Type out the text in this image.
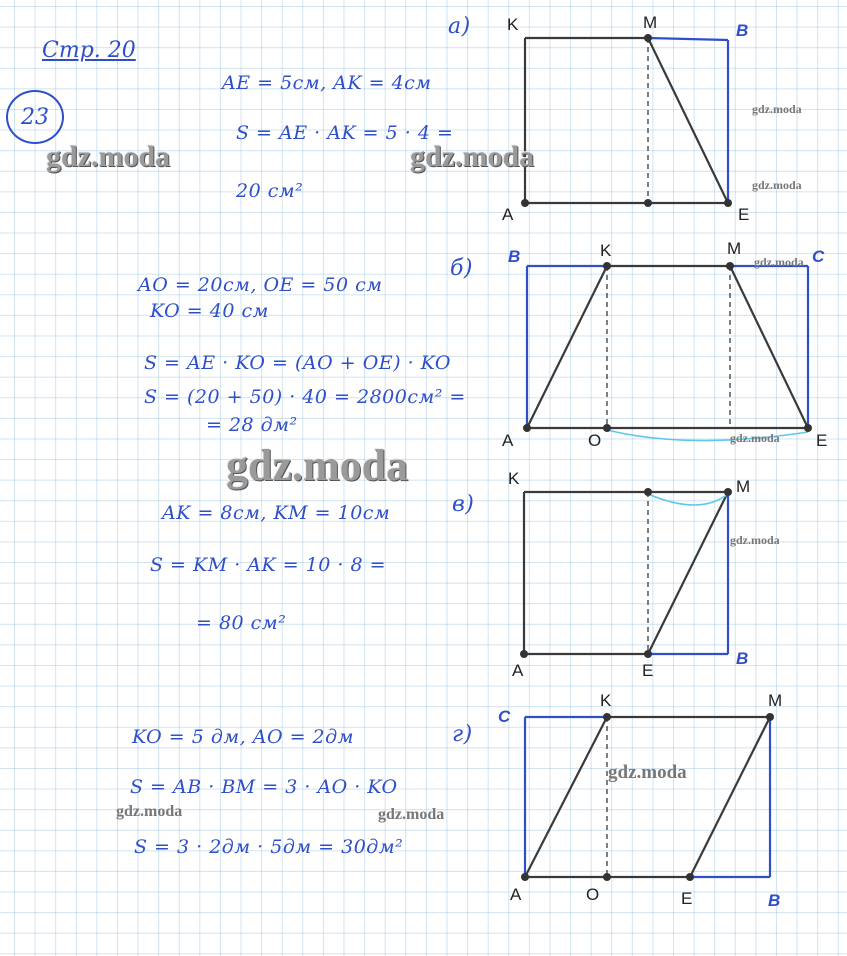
Стр. 20
23
AE = 5см, AK = 4см
S = AE · AK = 5 · 4 =
20 см²
AO = 20см, OE = 50 см
KO = 40 см
S = AE · KO = (AO + OE) · KO
S = (20 + 50) · 40 = 2800см² =
= 28 дм²
AK = 8см, KM = 10см
S = KM · AK = 10 · 8 =
= 80 см²
KO = 5 дм, AO = 2дм
S = AB · BM = 3 · AO · KO
S = 3 · 2дм · 5дм = 30дм²
а)
б)
в)
г)
K	M	B
A	E
B	K	M	C
A	O	E
K	M
A	E
B
C
K	M
A	O	E	B
gdz.moda	gdz.moda
gdz.moda
gdz.moda
gdz.moda
gdz.moda
gdz.moda
gdz.moda
gdz.moda
gdz.moda	gdz.moda
